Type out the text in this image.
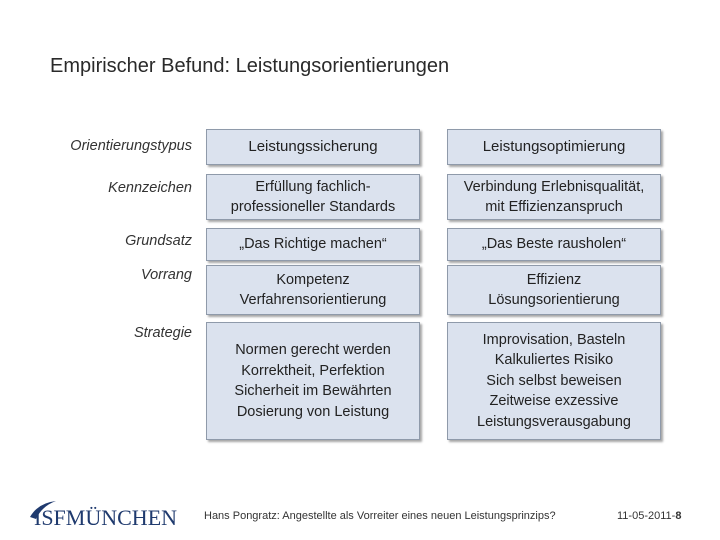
Empirischer Befund: Leistungsorientierungen
Orientierungstypus
Kennzeichen
Grundsatz
Vorrang
Strategie
Leistungssicherung
Erfüllung fachlich-
professioneller Standards
„Das Richtige machen“
Kompetenz
Verfahrensorientierung
Normen gerecht werden
Korrektheit, Perfektion
Sicherheit im Bewährten
Dosierung von Leistung
Leistungsoptimierung
Verbindung Erlebnisqualität,
mit Effizienzanspruch
„Das Beste rausholen“
Effizienz
Lösungsorientierung
Improvisation, Basteln
Kalkuliertes Risiko
Sich selbst beweisen
Zeitweise exzessive
Leistungsverausgabung
ISFMÜNCHEN Hans Pongratz: Angestellte als Vorreiter eines neuen Leistungsprinzips?	11-05-2011-8
